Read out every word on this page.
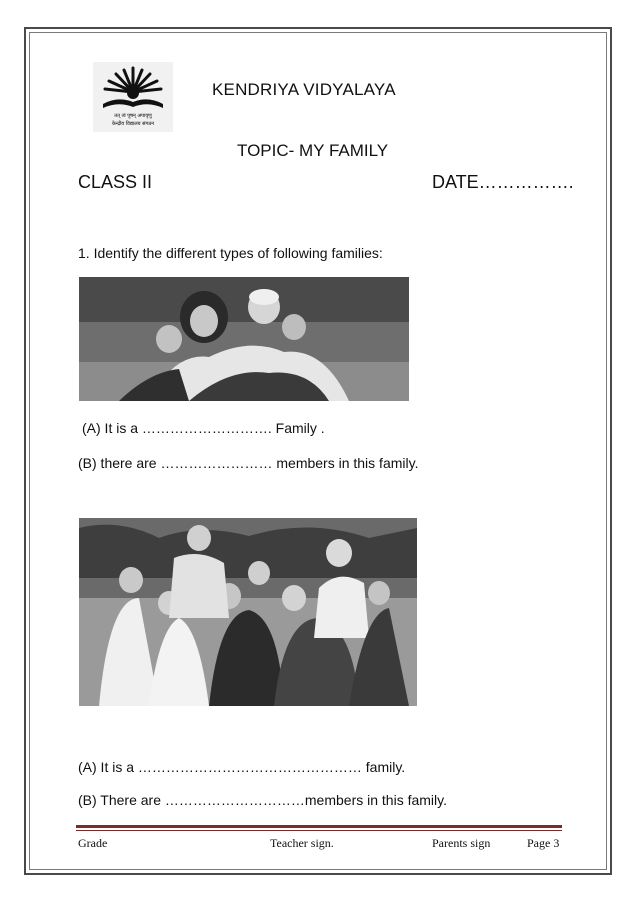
तत् त्वं पूषन् अपावृणु
केन्द्रीय विद्यालय संगठन
KENDRIYA VIDYALAYA
TOPIC- MY FAMILY
CLASS II	DATE…………….
1. Identify the different types of following families:
(A) It is a ………………………. Family .
(B) there are …………………… members in this family.
(A) It is a ………………………………………… family.
(B) There are …………………………members in this family.
Grade	Teacher sign.	Parents sign	Page 3
